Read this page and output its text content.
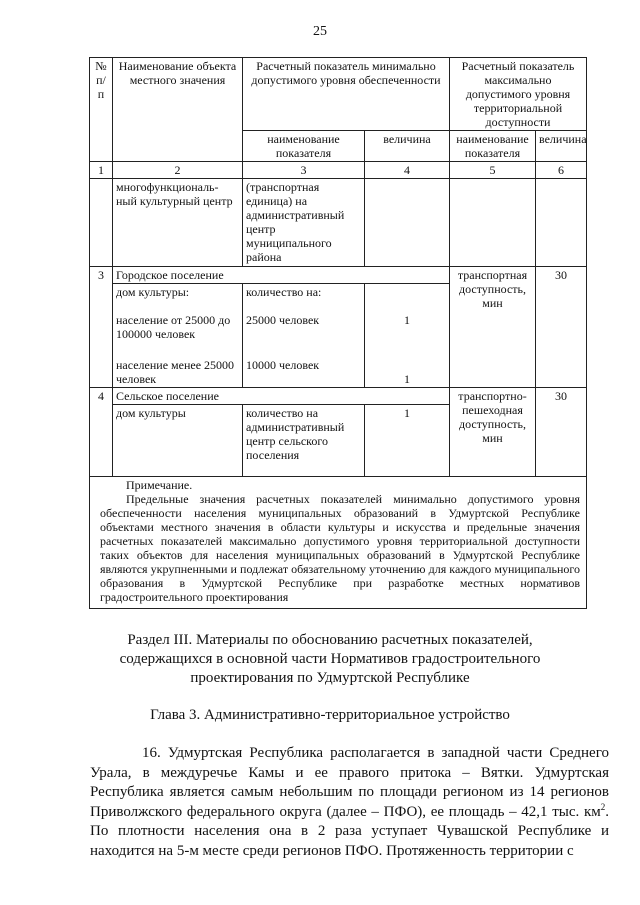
25
№ п/п	Наименование объекта местного значения	Расчетный показатель минимально допустимого уровня обеспеченности		Расчетный показатель максимально допустимого уровня территориальной доступности	
		наименование показателя	величина	наименование показателя	величина
1	2	3	4	5	6
	многофункциональ-ный культурный центр	(транспортная единица) на административный центр муниципального района			
3	Городское поселение			транспортная доступность, мин	30
	дом культуры:	количество на:			
	население от 25000 до 100000 человек	25000 человек	1		
	население менее 25000 человек	10000 человек	1		
4	Сельское поселение			транспортно-пешеходная доступность, мин	30
	дом культуры	количество на административный центр сельского поселения	1		

Примечание.
Предельные значения расчетных показателей минимально допустимого уровня обеспеченности населения муниципальных образований в Удмуртской Республике объектами местного значения в области культуры и искусства и предельные значения расчетных показателей максимально допустимого уровня территориальной доступности таких объектов для населения муниципальных образований в Удмуртской Республике являются укрупненными и подлежат обязательному уточнению для каждого муниципального образования в Удмуртской Республике при разработке местных нормативов градостроительного проектирования					
Раздел III. Материалы по обоснованию расчетных показателей,
содержащихся в основной части Нормативов градостроительного
проектирования по Удмуртской Республике
Глава 3. Административно-территориальное устройство
16. Удмуртская Республика располагается в западной части Среднего Урала, в междуречье Камы и ее правого притока – Вятки. Удмуртская Республика является самым небольшим по площади регионом из 14 регионов Приволжского федерального округа (далее – ПФО), ее площадь – 42,1 тыс. $км^2$. По плотности населения она в 2 раза уступает Чувашской Республике и находится на 5-м месте среди регионов ПФО. Протяженность территории с
